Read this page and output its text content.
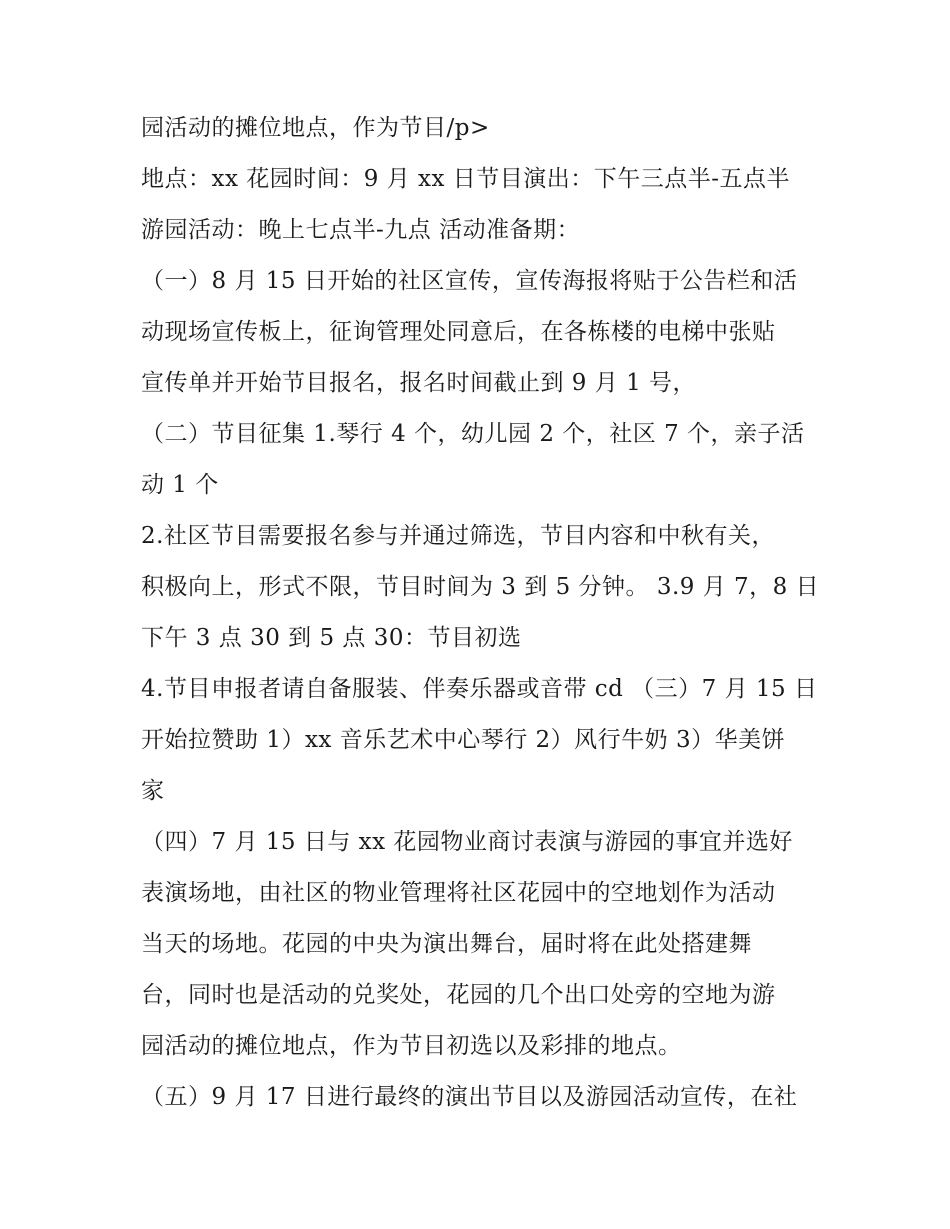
园活动的摊位地点，作为节目/p>
地点：xx 花园时间：9 月 xx 日节目演出：下午三点半-五点半
游园活动：晚上七点半-九点 活动准备期：
（一）8 月 15 日开始的社区宣传，宣传海报将贴于公告栏和活
动现场宣传板上，征询管理处同意后，在各栋楼的电梯中张贴
宣传单并开始节目报名，报名时间截止到 9 月 1 号，
（二）节目征集 1.琴行 4 个，幼儿园 2 个，社区 7 个，亲子活
动 1 个
2.社区节目需要报名参与并通过筛选，节目内容和中秋有关，
积极向上，形式不限，节目时间为 3 到 5 分钟。 3.9 月 7，8 日
下午 3 点 30 到 5 点 30：节目初选
4.节目申报者请自备服装、伴奏乐器或音带 cd （三）7 月 15 日
开始拉赞助 1）xx 音乐艺术中心琴行 2）风行牛奶 3）华美饼
家
（四）7 月 15 日与 xx 花园物业商讨表演与游园的事宜并选好
表演场地，由社区的物业管理将社区花园中的空地划作为活动
当天的场地。花园的中央为演出舞台，届时将在此处搭建舞
台，同时也是活动的兑奖处，花园的几个出口处旁的空地为游
园活动的摊位地点，作为节目初选以及彩排的地点。
（五）9 月 17 日进行最终的演出节目以及游园活动宣传，在社
